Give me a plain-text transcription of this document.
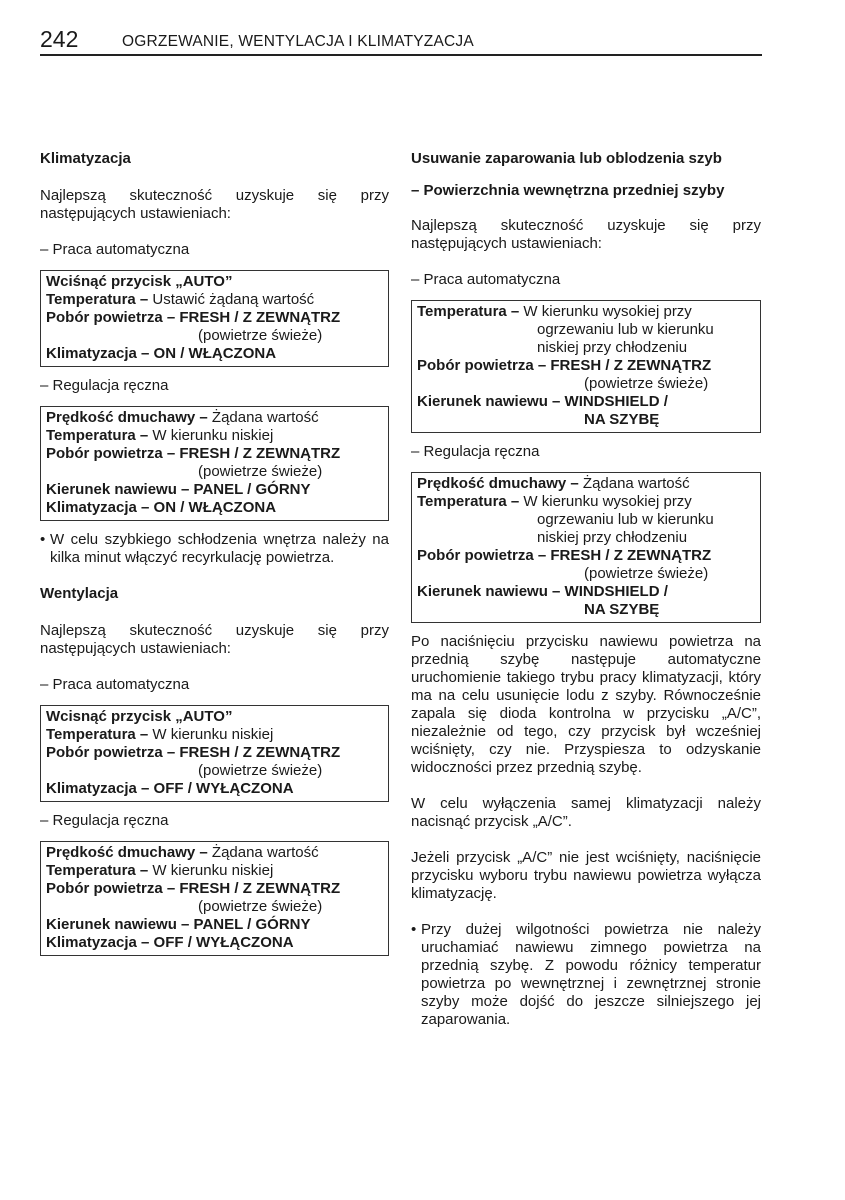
242	OGRZEWANIE, WENTYLACJA I KLIMATYZACJA
Klimatyzacja
Najlepszą skuteczność uzyskuje się przy następujących ustawieniach:
– Praca automatyczna
Wciśnąć przycisk „AUTO”
Temperatura – Ustawić żądaną wartość
Pobór powietrza – FRESH / Z ZEWNĄTRZ
(powietrze świeże)
Klimatyzacja – ON / WŁĄCZONA
– Regulacja ręczna
Prędkość dmuchawy – Żądana wartość
Temperatura – W kierunku niskiej
Pobór powietrza – FRESH / Z ZEWNĄTRZ
(powietrze świeże)
Kierunek nawiewu – PANEL / GÓRNY
Klimatyzacja – ON / WŁĄCZONA
• W celu szybkiego schłodzenia wnętrza należy na kilka minut włączyć recyrkulację powietrza.
Wentylacja
Najlepszą skuteczność uzyskuje się przy następujących ustawieniach:
– Praca automatyczna
Wcisnąć przycisk „AUTO”
Temperatura – W kierunku niskiej
Pobór powietrza – FRESH / Z ZEWNĄTRZ
(powietrze świeże)
Klimatyzacja – OFF / WYŁĄCZONA
– Regulacja ręczna
Prędkość dmuchawy – Żądana wartość
Temperatura – W kierunku niskiej
Pobór powietrza – FRESH / Z ZEWNĄTRZ
(powietrze świeże)
Kierunek nawiewu – PANEL / GÓRNY
Klimatyzacja – OFF / WYŁĄCZONA
Usuwanie zaparowania lub oblodzenia szyb
– Powierzchnia wewnętrzna przedniej szyby
Najlepszą skuteczność uzyskuje się przy następujących ustawieniach:
– Praca automatyczna
Temperatura – W kierunku wysokiej przy
ogrzewaniu lub w kierunku
niskiej przy chłodzeniu
Pobór powietrza – FRESH / Z ZEWNĄTRZ
(powietrze świeże)
Kierunek nawiewu – WINDSHIELD /
NA SZYBĘ
– Regulacja ręczna
Prędkość dmuchawy – Żądana wartość
Temperatura – W kierunku wysokiej przy
ogrzewaniu lub w kierunku
niskiej przy chłodzeniu
Pobór powietrza – FRESH / Z ZEWNĄTRZ
(powietrze świeże)
Kierunek nawiewu – WINDSHIELD /
NA SZYBĘ
Po naciśnięciu przycisku nawiewu powietrza na przednią szybę następuje automatyczne uruchomienie takiego trybu pracy klimatyzacji, który ma na celu usunięcie lodu z szyby. Równocześnie zapala się dioda kontrolna w przycisku „A/C”, niezależnie od tego, czy przycisk był wcześniej wciśnięty, czy nie. Przyspiesza to odzyskanie widoczności przez przednią szybę.
W celu wyłączenia samej klimatyzacji należy nacisnąć przycisk „A/C”.
Jeżeli przycisk „A/C” nie jest wciśnięty, naciśnięcie przycisku wyboru trybu nawiewu powietrza wyłącza klimatyzację.
• Przy dużej wilgotności powietrza nie należy uruchamiać nawiewu zimnego powietrza na przednią szybę. Z powodu różnicy temperatur powietrza po wewnętrznej i zewnętrznej stronie szyby może dojść do jeszcze silniejszego jej zaparowania.
